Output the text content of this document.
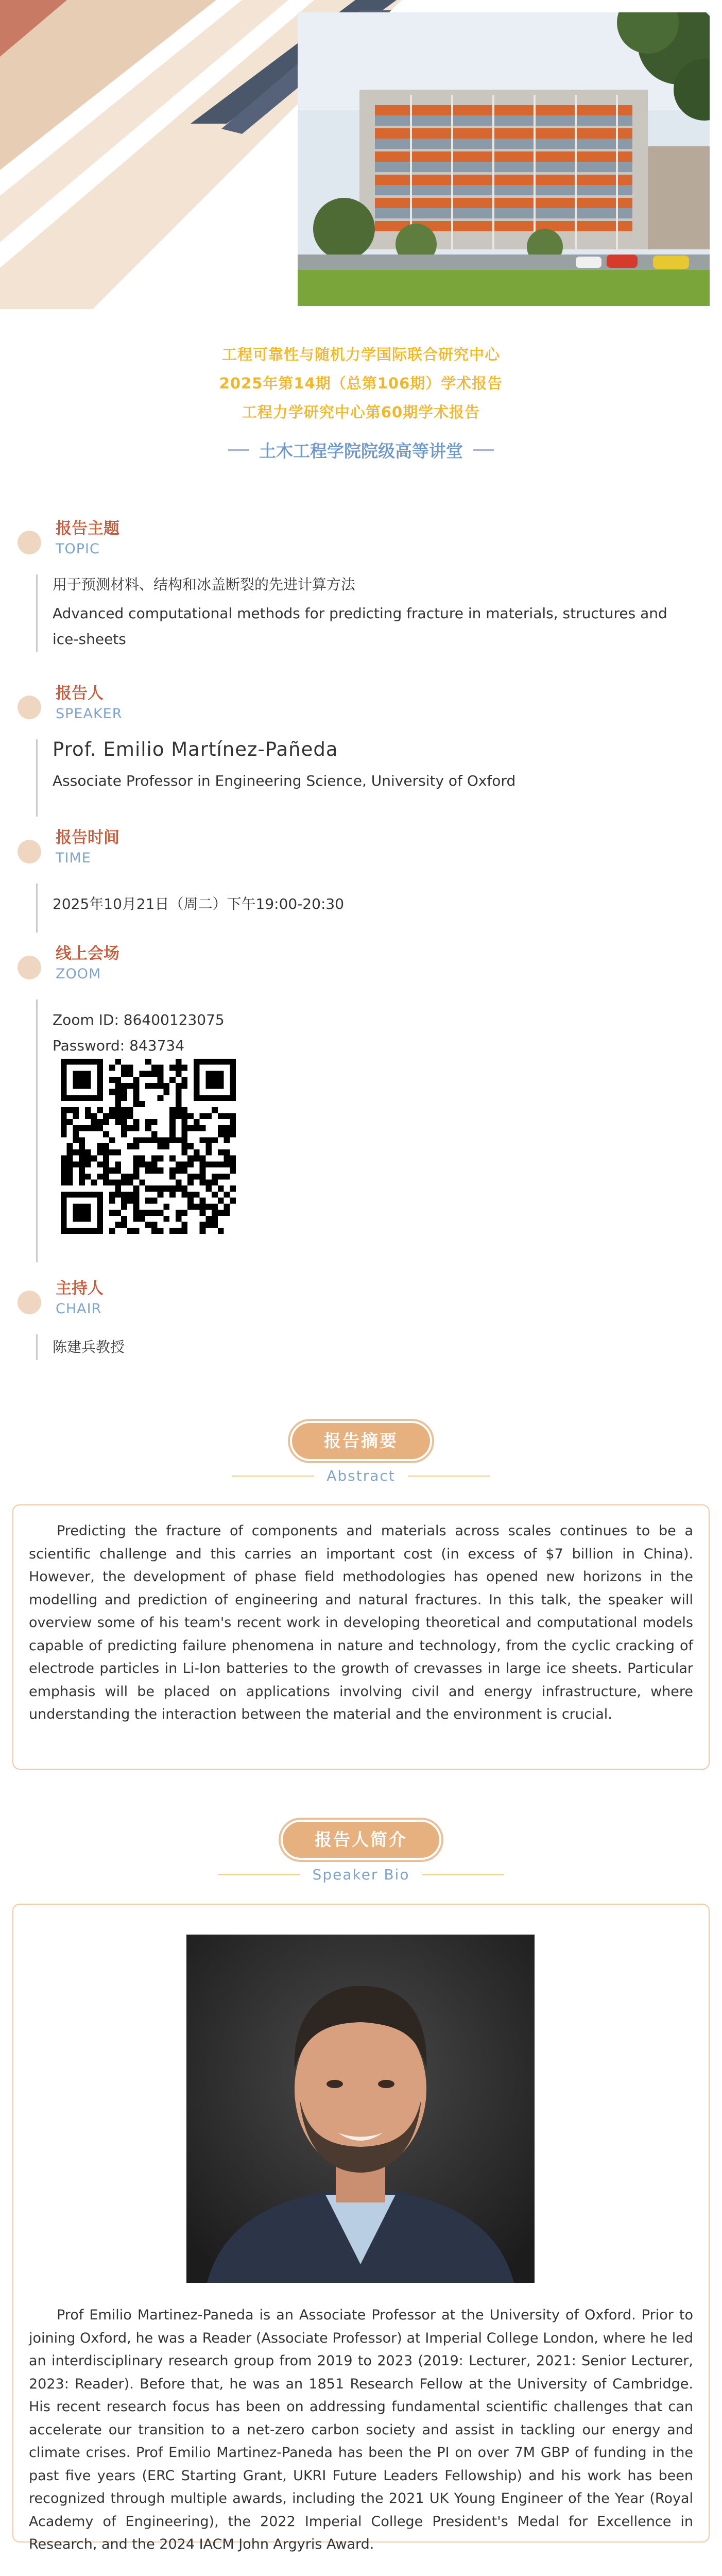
工程可靠性与随机力学国际联合研究中心
2025年第14期（总第106期）学术报告
工程力学研究中心第60期学术报告
土木工程学院院级高等讲堂
报告主题
TOPIC
用于预测材料、结构和冰盖断裂的先进计算方法
Advanced computational methods for predicting fracture in materials, structures and ice-sheets
报告人
SPEAKER
Prof. Emilio Martínez-Pañeda
Associate Professor in Engineering Science, University of Oxford
报告时间
TIME
2025年10月21日（周二）下午19:00-20:30
线上会场
ZOOM
Zoom ID: 86400123075
Password: 843734
主持人
CHAIR
陈建兵教授
报告摘要
Abstract

Predicting the fracture of components and materials across scales continues to be a scientific challenge and this carries an important cost (in excess of $7 billion in China). However, the development of phase field methodologies has opened new horizons in the modelling and prediction of engineering and natural fractures. In this talk, the speaker will overview some of his team's recent work in developing theoretical and computational models capable of predicting failure phenomena in nature and technology, from the cyclic cracking of electrode particles in Li-Ion batteries to the growth of crevasses in large ice sheets. Particular emphasis will be placed on applications involving civil and energy infrastructure, where understanding the interaction between the material and the environment is crucial.

报告人简介
Speaker Bio

Prof Emilio Martinez-Paneda is an Associate Professor at the University of Oxford. Prior to joining Oxford, he was a Reader (Associate Professor) at Imperial College London, where he led an interdisciplinary research group from 2019 to 2023 (2019: Lecturer, 2021: Senior Lecturer, 2023: Reader). Before that, he was an 1851 Research Fellow at the University of Cambridge. His recent research focus has been on addressing fundamental scientific challenges that can accelerate our transition to a net-zero carbon society and assist in tackling our energy and climate crises. Prof Emilio Martinez-Paneda has been the PI on over 7M GBP of funding in the past five years (ERC Starting Grant, UKRI Future Leaders Fellowship) and his work has been recognized through multiple awards, including the 2021 UK Young Engineer of the Year (Royal Academy of Engineering), the 2022 Imperial College President's Medal for Excellence in Research, and the 2024 IACM John Argyris Award.
